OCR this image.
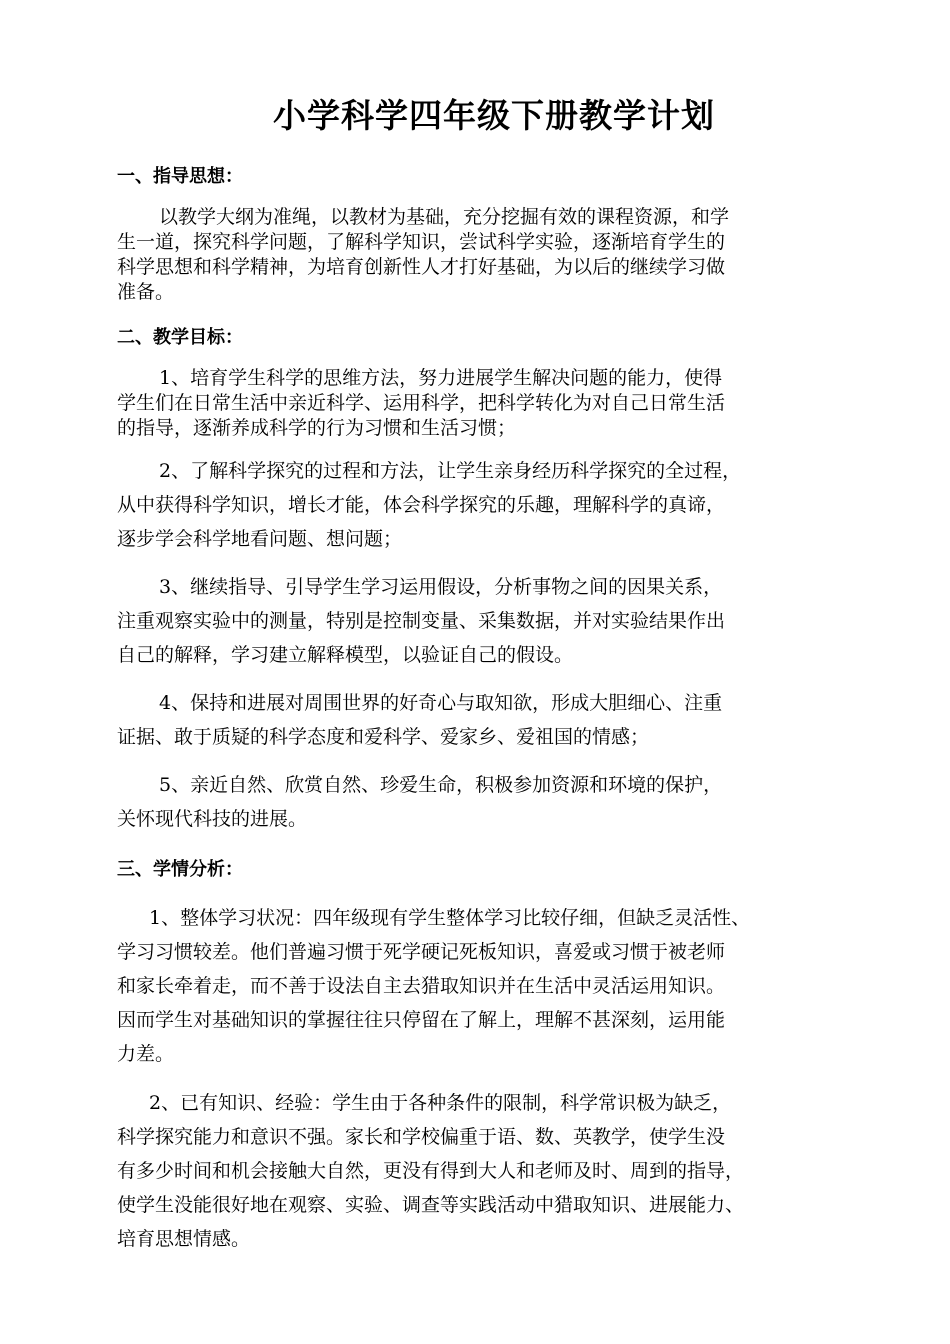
小学科学四年级下册教学计划
一、指导思想：
以教学大纲为准绳，以教材为基础，充分挖掘有效的课程资源，和学
生一道，探究科学问题，了解科学知识，尝试科学实验，逐渐培育学生的
科学思想和科学精神，为培育创新性人才打好基础，为以后的继续学习做
准备。
二、教学目标：
1、培育学生科学的思维方法，努力进展学生解决问题的能力，使得
学生们在日常生活中亲近科学、运用科学，把科学转化为对自己日常生活
的指导，逐渐养成科学的行为习惯和生活习惯；
2、了解科学探究的过程和方法，让学生亲身经历科学探究的全过程，
从中获得科学知识，增长才能，体会科学探究的乐趣，理解科学的真谛，
逐步学会科学地看问题、想问题；
3、继续指导、引导学生学习运用假设，分析事物之间的因果关系，
注重观察实验中的测量，特别是控制变量、采集数据，并对实验结果作出
自己的解释，学习建立解释模型，以验证自己的假设。
4、保持和进展对周围世界的好奇心与取知欲，形成大胆细心、注重
证据、敢于质疑的科学态度和爱科学、爱家乡、爱祖国的情感；
5、亲近自然、欣赏自然、珍爱生命，积极参加资源和环境的保护，
关怀现代科技的进展。
三、学情分析：
1、整体学习状况：四年级现有学生整体学习比较仔细，但缺乏灵活性、
学习习惯较差。他们普遍习惯于死学硬记死板知识，喜爱或习惯于被老师
和家长牵着走，而不善于设法自主去猎取知识并在生活中灵活运用知识。
因而学生对基础知识的掌握往往只停留在了解上，理解不甚深刻，运用能
力差。
2、已有知识、经验：学生由于各种条件的限制，科学常识极为缺乏，
科学探究能力和意识不强。家长和学校偏重于语、数、英教学，使学生没
有多少时间和机会接触大自然，更没有得到大人和老师及时、周到的指导，
使学生没能很好地在观察、实验、调查等实践活动中猎取知识、进展能力、
培育思想情感。
